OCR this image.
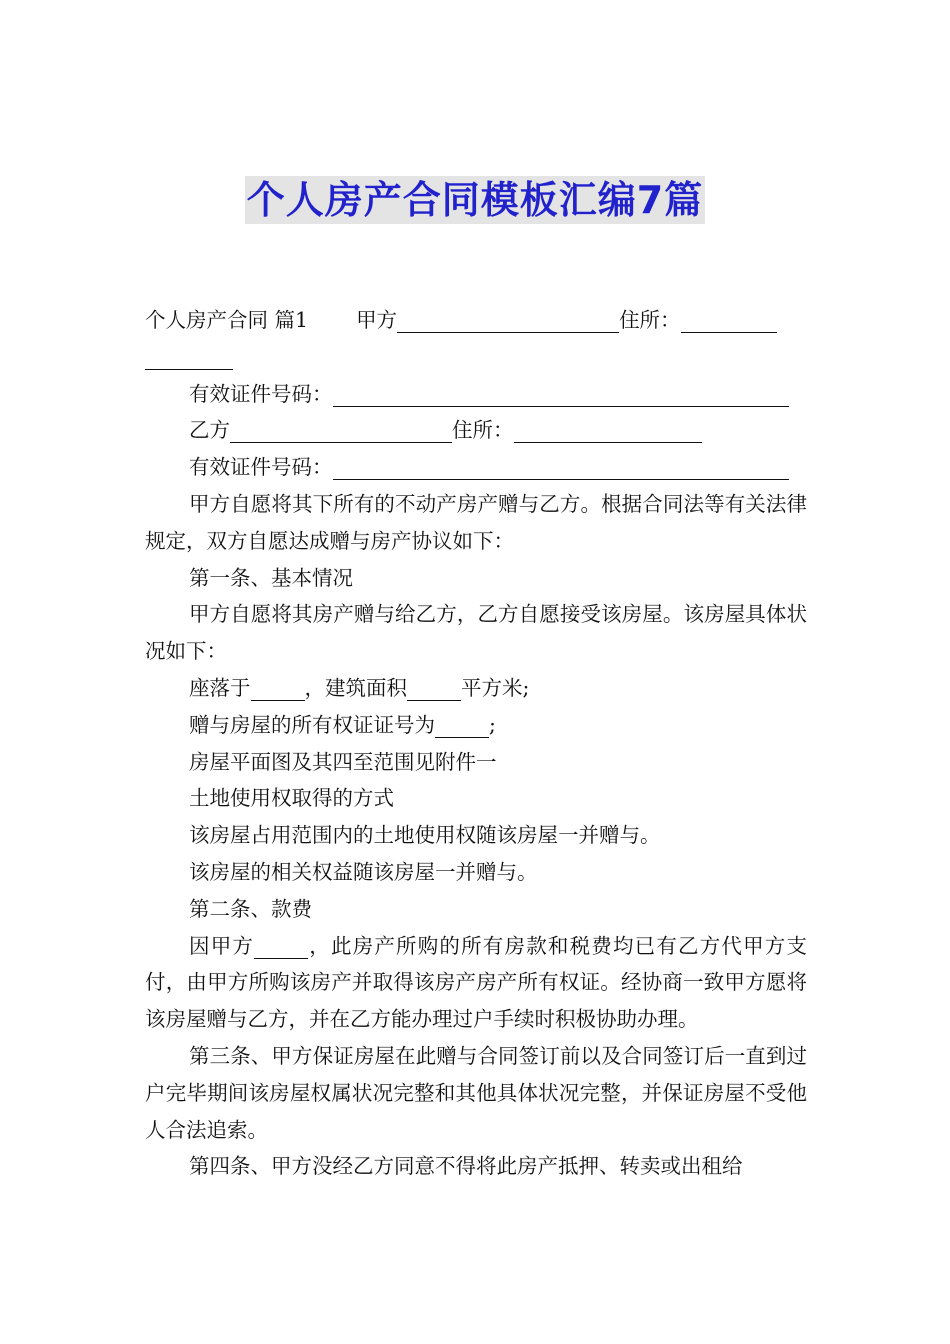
个人房产合同模板汇编7篇
个人房产合同 篇1 甲方	住所：
有效证件号码：
乙方	住所：
有效证件号码：
甲方自愿将其下所有的不动产房产赠与乙方。根据合同法等有关法律规定，双方自愿达成赠与房产协议如下：
第一条、基本情况
甲方自愿将其房产赠与给乙方，乙方自愿接受该房屋。该房屋具体状况如下：
座落于	，建筑面积	平方米;
赠与房屋的所有权证证号为	;
房屋平面图及其四至范围见附件一
土地使用权取得的方式
该房屋占用范围内的土地使用权随该房屋一并赠与。
该房屋的相关权益随该房屋一并赠与。
第二条、款费
因甲方	，此房产所购的所有房款和税费均已有乙方代甲方支付，由甲方所购该房产并取得该房产房产所有权证。经协商一致甲方愿将该房屋赠与乙方，并在乙方能办理过户手续时积极协助办理。
第三条、甲方保证房屋在此赠与合同签订前以及合同签订后一直到过户完毕期间该房屋权属状况完整和其他具体状况完整，并保证房屋不受他人合法追索。
第四条、甲方没经乙方同意不得将此房产抵押、转卖或出租给
